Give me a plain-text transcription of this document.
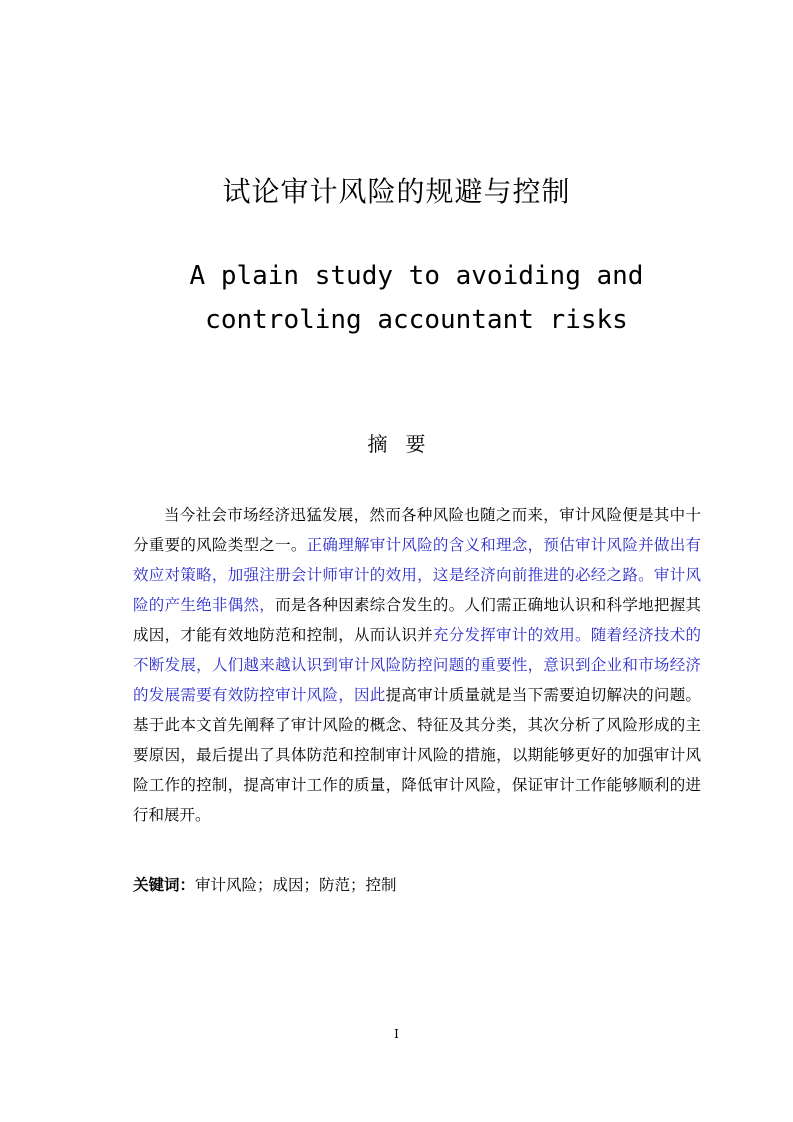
试论审计风险的规避与控制
A plain study to avoiding and controling accountant risks
摘要

当今社会市场经济迅猛发展，然而各种风险也随之而来，审计风险便是其中十分重要的风险类型之一。正确理解审计风险的含义和理念，预估审计风险并做出有效应对策略，加强注册会计师审计的效用，这是经济向前推进的必经之路。审计风险的产生绝非偶然，而是各种因素综合发生的。人们需正确地认识和科学地把握其成因，才能有效地防范和控制，从而认识并充分发挥审计的效用。随着经济技术的不断发展，人们越来越认识到审计风险防控问题的重要性，意识到企业和市场经济的发展需要有效防控审计风险，因此提高审计质量就是当下需要迫切解决的问题。基于此本文首先阐释了审计风险的概念、特征及其分类，其次分析了风险形成的主要原因，最后提出了具体防范和控制审计风险的措施，以期能够更好的加强审计风险工作的控制，提高审计工作的质量，降低审计风险，保证审计工作能够顺利的进行和展开。

关键词：审计风险；成因；防范；控制
I
